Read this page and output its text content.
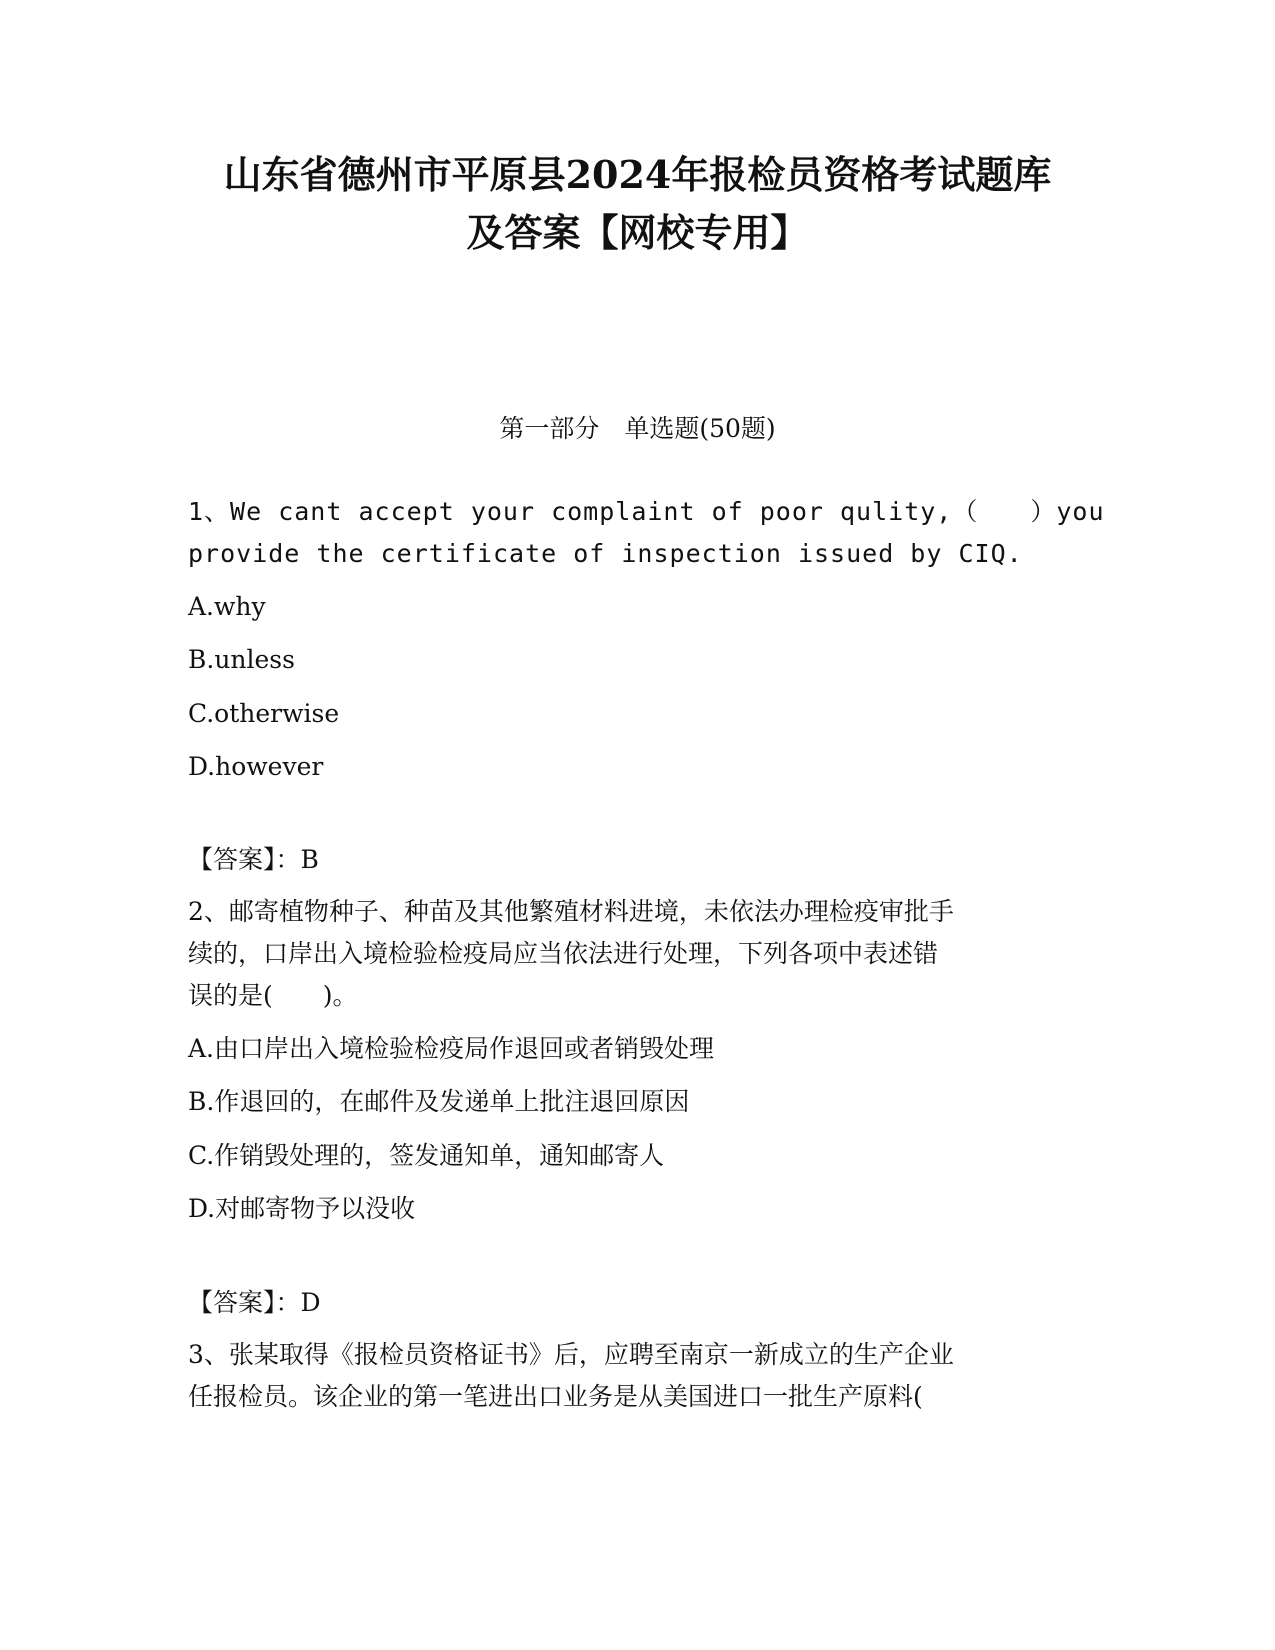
山东省德州市平原县2024年报检员资格考试题库
及答案【网校专用】
第一部分　单选题(50题)
1、We cant accept your complaint of poor qulity,（　　）you
provide the certificate of inspection issued by CIQ.
A.why
B.unless
C.otherwise
D.however
【答案】：B
2、邮寄植物种子、种苗及其他繁殖材料进境，未依法办理检疫审批手
续的，口岸出入境检验检疫局应当依法进行处理，下列各项中表述错
误的是(　　)。
A.由口岸出入境检验检疫局作退回或者销毁处理
B.作退回的，在邮件及发递单上批注退回原因
C.作销毁处理的，签发通知单，通知邮寄人
D.对邮寄物予以没收
【答案】：D
3、张某取得《报检员资格证书》后，应聘至南京一新成立的生产企业
任报检员。该企业的第一笔进出口业务是从美国进口一批生产原料(
